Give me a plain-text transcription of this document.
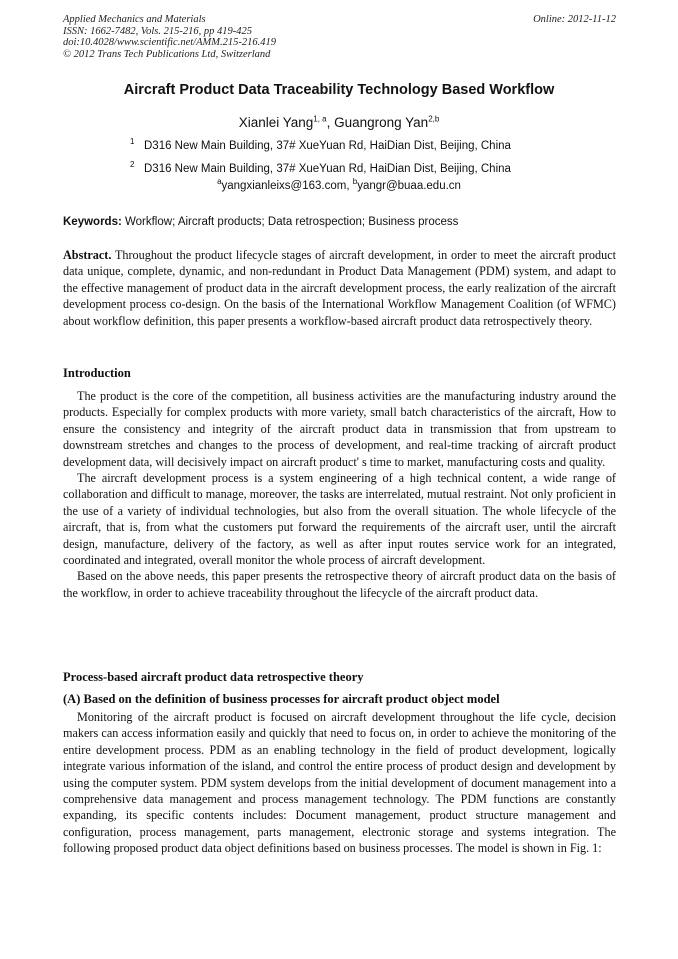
Applied Mechanics and Materials
ISSN: 1662-7482, Vols. 215-216, pp 419-425
doi:10.4028/www.scientific.net/AMM.215-216.419
© 2012 Trans Tech Publications Ltd, Switzerland
Online: 2012-11-12
Aircraft Product Data Traceability Technology Based Workflow
Xianlei Yang$^{1, a}$, Guangrong Yan$^{2,b}$
1 D316 New Main Building, 37# XueYuan Rd, HaiDian Dist, Beijing, China
2 D316 New Main Building, 37# XueYuan Rd, HaiDian Dist, Beijing, China
$^a$yangxianleixs@163.com, $^b$yangr@buaa.edu.cn
Keywords: Workflow; Aircraft products; Data retrospection; Business process

Abstract. Throughout the product lifecycle stages of aircraft development, in order to meet the aircraft product data unique, complete, dynamic, and non-redundant in Product Data Management (PDM) system, and adapt to the effective management of product data in the aircraft development process, the early realization of the aircraft development process co-design. On the basis of the International Workflow Management Coalition (of WFMC) about workflow definition, this paper presents a workflow-based aircraft product data retrospectively theory.

Introduction

The product is the core of the competition, all business activities are the manufacturing industry around the products. Especially for complex products with more variety, small batch characteristics of the aircraft, How to ensure the consistency and integrity of the aircraft product data in transmission that from upstream to downstream stretches and changes to the process of development, and real-time tracking of aircraft product development data, will decisively impact on aircraft product' s time to market, manufacturing costs and quality.

The aircraft development process is a system engineering of a high technical content, a wide range of collaboration and difficult to manage, moreover, the tasks are interrelated, mutual restraint. Not only proficient in the use of a variety of individual technologies, but also from the overall situation. The whole lifecycle of the aircraft, that is, from what the customers put forward the requirements of the aircraft user, until the aircraft design, manufacture, delivery of the factory, as well as after input routes service work for an integrated, coordinated and integrated, overall monitor the whole process of aircraft development.

Based on the above needs, this paper presents the retrospective theory of aircraft product data on the basis of the workflow, in order to achieve traceability throughout the lifecycle of the aircraft product data.

Process-based aircraft product data retrospective theory
(A) Based on the definition of business processes for aircraft product object model

Monitoring of the aircraft product is focused on aircraft development throughout the life cycle, decision makers can access information easily and quickly that need to focus on, in order to achieve the monitoring of the entire development process. PDM as an enabling technology in the field of product development, logically integrate various information of the island, and control the entire process of product design and development by using the computer system. PDM system develops from the initial development of document management into a comprehensive data management and process management technology. The PDM functions are constantly expanding, its specific contents includes: Document management, product structure management and configuration, process management, parts management, electronic storage and systems integration. The following proposed product data object definitions based on business processes. The model is shown in Fig. 1:
